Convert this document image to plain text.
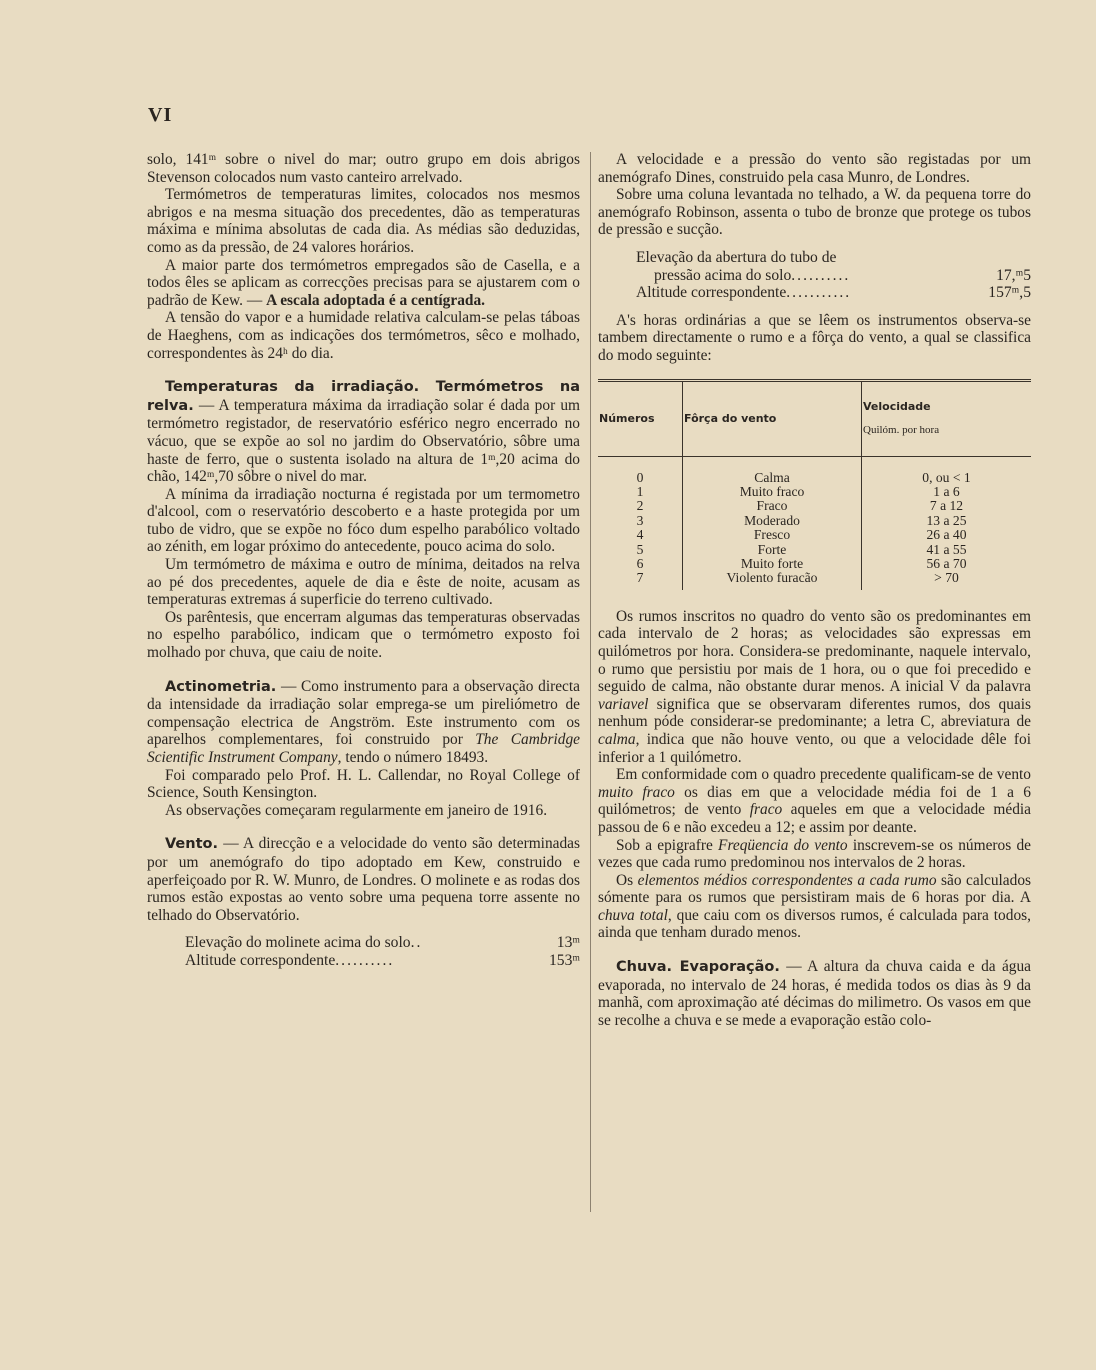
VI

solo, 141ᵐ sobre o nivel do mar; outro grupo em dois abrigos Stevenson colocados num vasto canteiro arrelvado.

Termómetros de temperaturas limites, colocados nos mesmos abrigos e na mesma situação dos precedentes, dão as temperaturas máxima e mínima absolutas de cada dia. As médias são deduzidas, como as da pressão, de 24 valores horários.

A maior parte dos termómetros empregados são de Casella, e a todos êles se aplicam as correcções precisas para se ajustarem com o padrão de Kew. — A escala adoptada é a centígrada.

A tensão do vapor e a humidade relativa calculam-se pelas táboas de Haeghens, com as indicações dos termómetros, sêco e molhado, correspondentes às 24ʰ do dia.

Temperaturas da irradiação. Termómetros na relva. — A temperatura máxima da irradiação solar é dada por um termómetro registador, de reservatório esférico negro encerrado no vácuo, que se expõe ao sol no jardim do Observatório, sôbre uma haste de ferro, que o sustenta isolado na altura de 1ᵐ,20 acima do chão, 142ᵐ,70 sôbre o nivel do mar.

A mínima da irradiação nocturna é registada por um termometro d'alcool, com o reservatório descoberto e a haste protegida por um tubo de vidro, que se expõe no fóco dum espelho parabólico voltado ao zénith, em logar próximo do antecedente, pouco acima do solo.

Um termómetro de máxima e outro de mínima, deitados na relva ao pé dos precedentes, aquele de dia e êste de noite, acusam as temperaturas extremas á superficie do terreno cultivado.

Os parêntesis, que encerram algumas das temperaturas observadas no espelho parabólico, indicam que o termómetro exposto foi molhado por chuva, que caiu de noite.

Actinometria. — Como instrumento para a observação directa da intensidade da irradiação solar emprega-se um pireliómetro de compensação electrica de Angström. Este instrumento com os aparelhos complementares, foi construido por The Cambridge Scientific Instrument Company, tendo o número 18493.

Foi comparado pelo Prof. H. L. Callendar, no Royal College of Science, South Kensington.

As observações começaram regularmente em janeiro de 1916.

Vento. — A direcção e a velocidade do vento são determinadas por um anemógrafo do tipo adoptado em Kew, construido e aperfeiçoado por R. W. Munro, de Londres. O molinete e as rodas dos rumos estão expostas ao vento sobre uma pequena torre assente no telhado do Observatório.

Elevação do molinete acima do solo ..	13ᵐ
Altitude correspondente ..........	153ᵐ

A velocidade e a pressão do vento são registadas por um anemógrafo Dines, construido pela casa Munro, de Londres.

Sobre uma coluna levantada no telhado, a W. da pequena torre do anemógrafo Robinson, assenta o tubo de bronze que protege os tubos de pressão e sucção.

Elevação da abertura do tubo de
pressão acima do solo ..........	17,ᵐ5
Altitude correspondente ...........	157ᵐ,5

A's horas ordinárias a que se lêem os instrumentos observa-se tambem directamente o rumo e a fôrça do vento, a qual se classifica do modo seguinte:

Números	Fôrça do vento	Velocidade
Quilóm. por hora

0	Calma	0, ou < 1
1	Muito fraco	1 a 6
2	Fraco	7 a 12
3	Moderado	13 a 25
4	Fresco	26 a 40
5	Forte	41 a 55
6	Muito forte	56 a 70
7	Violento furacão	> 70

Os rumos inscritos no quadro do vento são os predominantes em cada intervalo de 2 horas; as velocidades são expressas em quilómetros por hora. Considera-se predominante, naquele intervalo, o rumo que persistiu por mais de 1 hora, ou o que foi precedido e seguido de calma, não obstante durar menos. A inicial V da palavra variavel significa que se observaram diferentes rumos, dos quais nenhum póde considerar-se predominante; a letra C, abreviatura de calma, indica que não houve vento, ou que a velocidade dêle foi inferior a 1 quilómetro.

Em conformidade com o quadro precedente qualificam-se de vento muito fraco os dias em que a velocidade média foi de 1 a 6 quilómetros; de vento fraco aqueles em que a velocidade média passou de 6 e não excedeu a 12; e assim por deante.

Sob a epigrafre Freqüencia do vento inscrevem-se os números de vezes que cada rumo predominou nos intervalos de 2 horas.

Os elementos médios correspondentes a cada rumo são calculados sómente para os rumos que persistiram mais de 6 horas por dia. A chuva total, que caiu com os diversos rumos, é calculada para todos, ainda que tenham durado menos.

Chuva. Evaporação. — A altura da chuva caida e da água evaporada, no intervalo de 24 horas, é medida todos os dias às 9 da manhã, com aproximação até décimas do milimetro. Os vasos em que se recolhe a chuva e se mede a evaporação estão colo-
